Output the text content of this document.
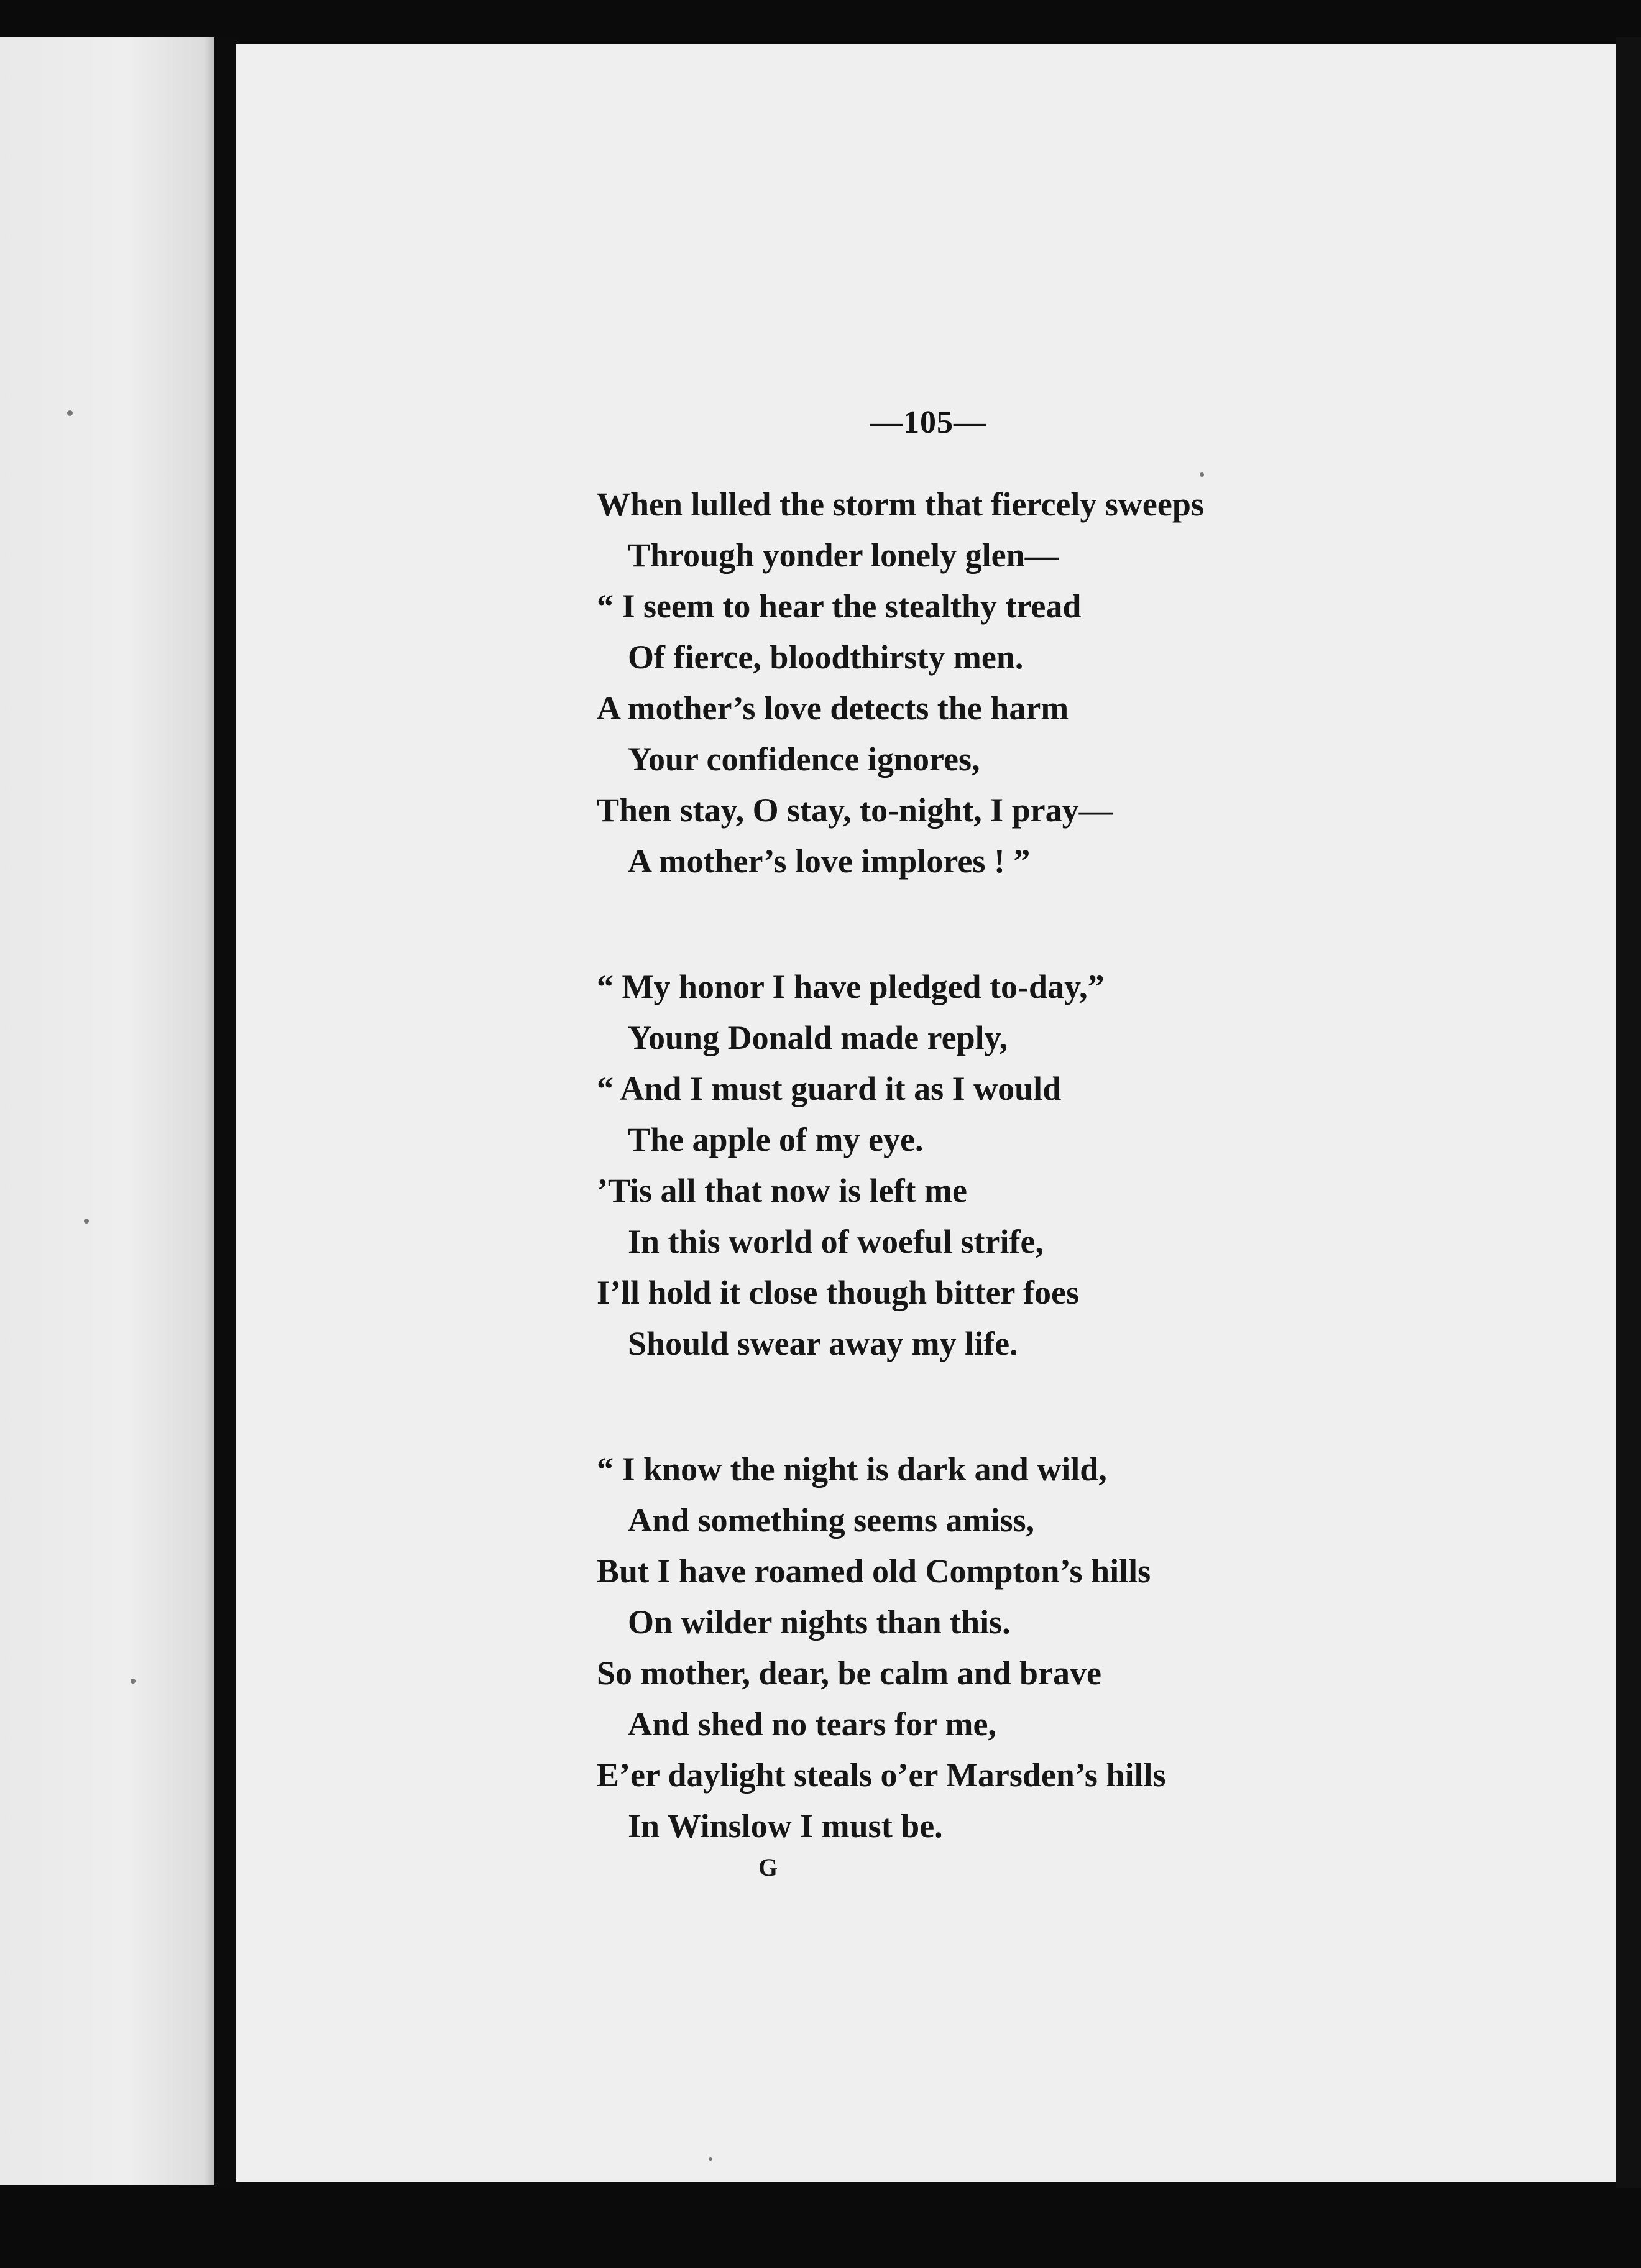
—105—
When lulled the storm that fiercely sweeps
Through yonder lonely glen—
“ I seem to hear the stealthy tread
Of fierce, bloodthirsty men.
A mother’s love detects the harm
Your confidence ignores,
Then stay, O stay, to-night, I pray—
A mother’s love implores ! ”
“ My honor I have pledged to-day,”
Young Donald made reply,
“ And I must guard it as I would
The apple of my eye.
’Tis all that now is left me
In this world of woeful strife,
I’ll hold it close though bitter foes
Should swear away my life.
“ I know the night is dark and wild,
And something seems amiss,
But I have roamed old Compton’s hills
On wilder nights than this.
So mother, dear, be calm and brave
And shed no tears for me,
E’er daylight steals o’er Marsden’s hills
In Winslow I must be.
G
